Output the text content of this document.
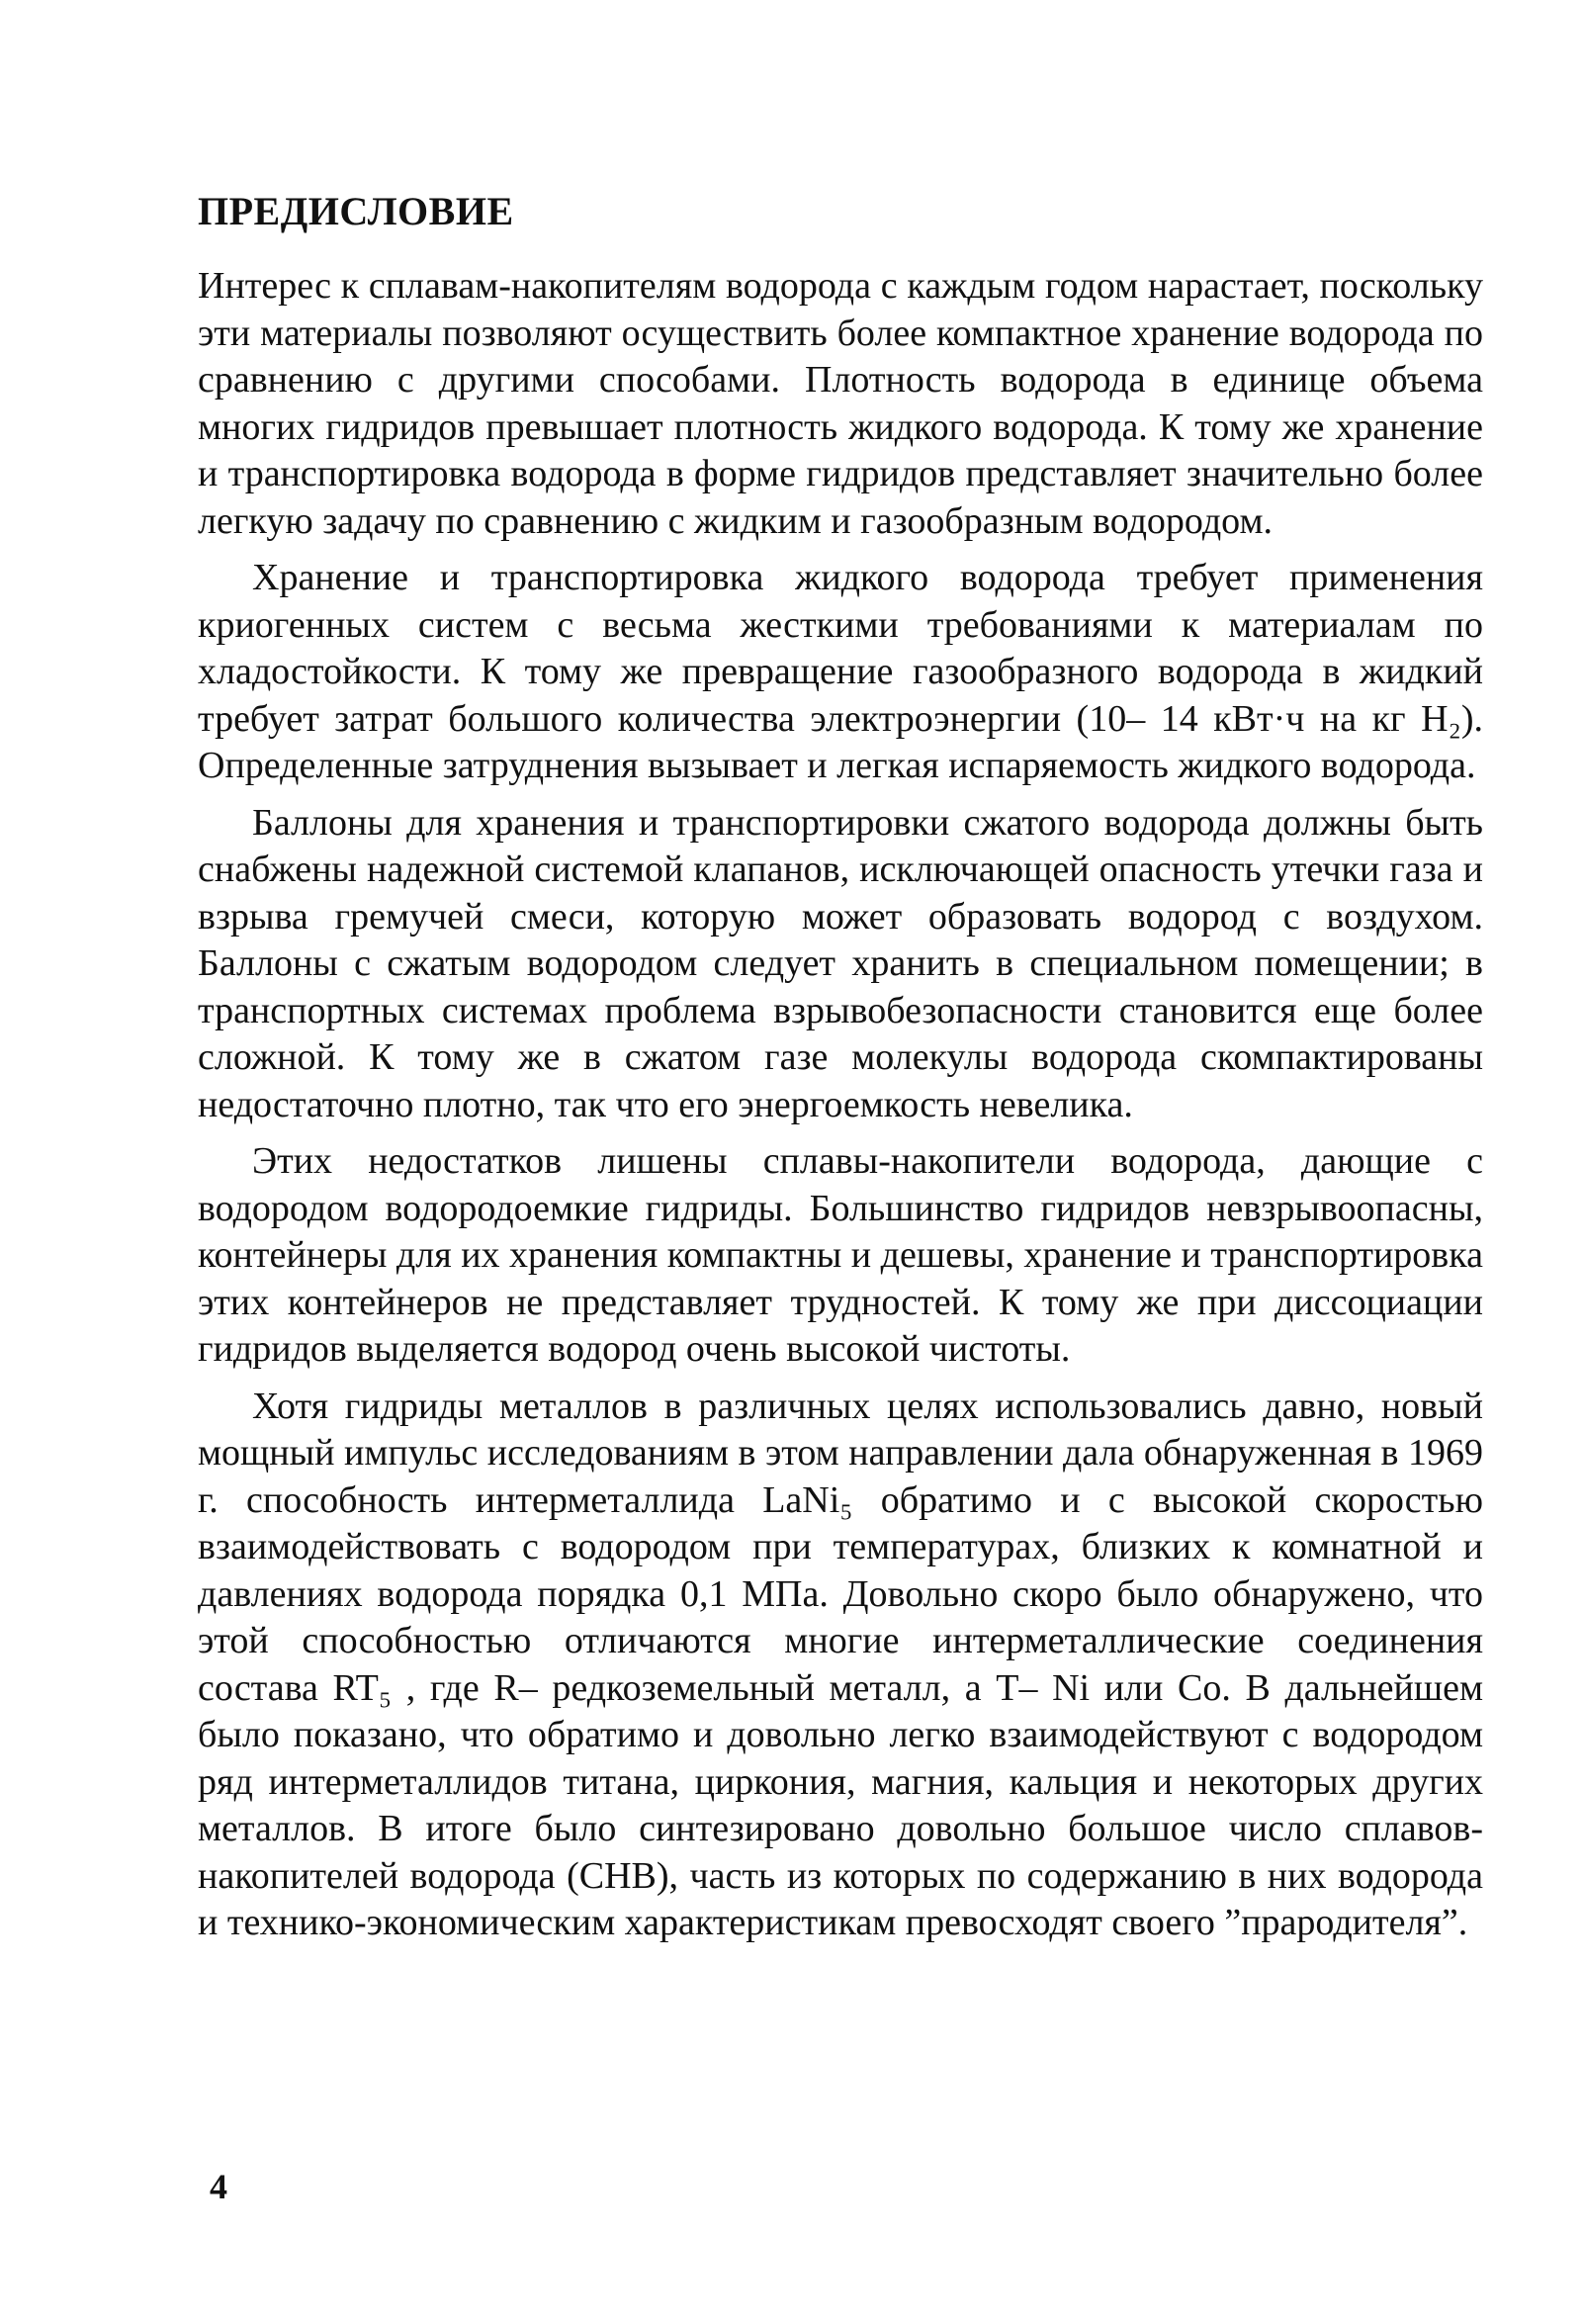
ПРЕДИСЛОВИЕ

Интерес к сплавам-накопителям водорода с каждым годом нарастает, поскольку эти материалы позволяют осуществить более компактное хранение водорода по сравнению с другими способами. Плотность водорода в единице объема многих гидридов превышает плотность жидкого водорода. К тому же хранение и транспортировка водорода в форме гидридов представляет значительно более легкую задачу по сравнению с жидким и газообразным водородом.

Хранение и транспортировка жидкого водорода требует применения криогенных систем с весьма жесткими требованиями к материалам по хладостойкости. К тому же превращение газообразного водорода в жидкий требует затрат большого количества электроэнергии (10– 14 кВт·ч на кг H₂). Определенные затруднения вызывает и легкая испаряемость жидкого водорода.

Баллоны для хранения и транспортировки сжатого водорода должны быть снабжены надежной системой клапанов, исключающей опасность утечки газа и взрыва гремучей смеси, которую может образовать водород с воздухом. Баллоны с сжатым водородом следует хранить в специальном помещении; в транспортных системах проблема взрывобезопасности становится еще более сложной. К тому же в сжатом газе молекулы водорода скомпактированы недостаточно плотно, так что его энергоемкость невелика.

Этих недостатков лишены сплавы-накопители водорода, дающие с водородом водородоемкие гидриды. Большинство гидридов невзрывоопасны, контейнеры для их хранения компактны и дешевы, хранение и транспортировка этих контейнеров не представляет трудностей. К тому же при диссоциации гидридов выделяется водород очень высокой чистоты.

Хотя гидриды металлов в различных целях использовались давно, новый мощный импульс исследованиям в этом направлении дала обнаруженная в 1969 г. способность интерметаллида LaNi₅ обратимо и с высокой скоростью взаимодействовать с водородом при температурах, близких к комнатной и давлениях водорода порядка 0,1 МПа. Довольно скоро было обнаружено, что этой способностью отличаются многие интерметаллические соединения состава RT₅ , где R– редкоземельный металл, а T– Ni или Co. В дальнейшем было показано, что обратимо и довольно легко взаимодействуют с водородом ряд интерметаллидов титана, циркония, магния, кальция и некоторых других металлов. В итоге было синтезировано довольно большое число сплавов-накопителей водорода (СНВ), часть из которых по содержанию в них водорода и технико-экономическим характеристикам превосходят своего ”прародителя”.

4
